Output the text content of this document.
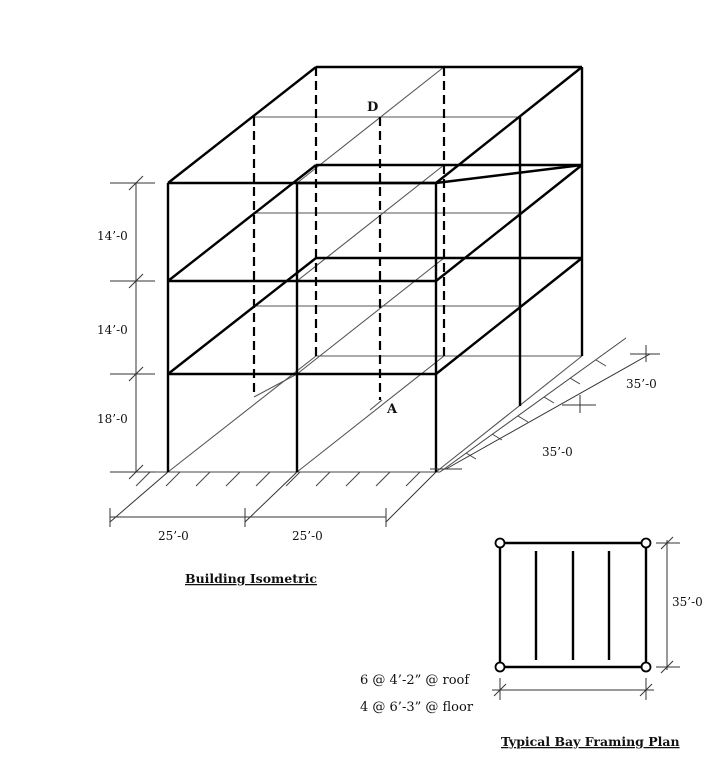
D
A
14’-0
14’-0
18’-0
25’-0	25’-0
35’-0
35’-0
Building Isometric
35’-0
6 @ 4’-2” @ roof
4 @ 6’-3” @ floor
Typical Bay Framing Plan
